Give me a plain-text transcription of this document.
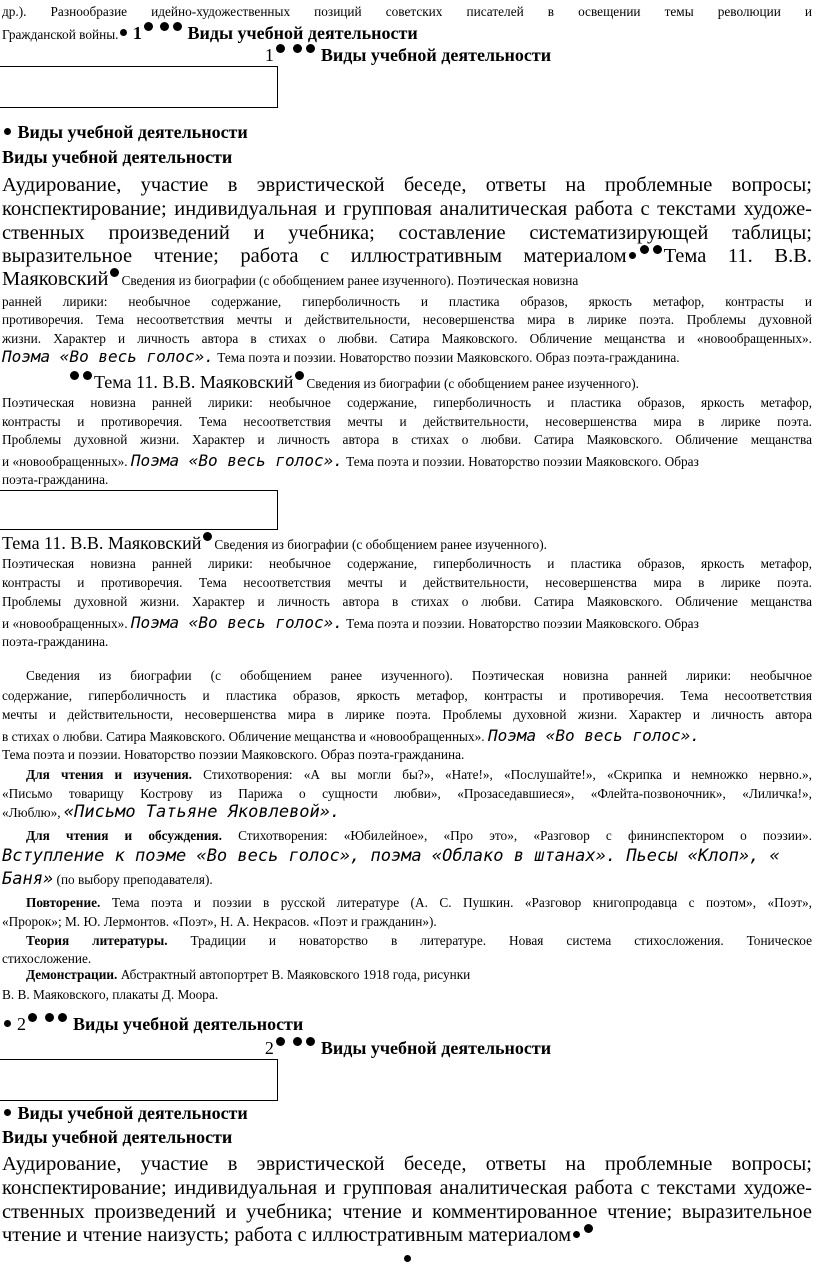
др.). Разнообразие идейно-художественных позиций советских писателей в освещении темы революции и
Гражданской войны. 1	Виды учебной деятельности
1	Виды учебной деятельности
Виды учебной деятельности
Виды учебной деятельности
Аудирование, участие в эвристической беседе, ответы на проблемные вопросы;
конспектирование; индивидуальная и групповая аналитическая работа с текстами художе-
ственных произведений и учебника; составление систематизирующей таблицы;
выразительное чтение; работа с иллюстративным материалом Тема 11. В.В.
Маяковский Сведения из биографии (с обобщением ранее изученного). Поэтическая новизна
ранней лирики: необычное содержание, гиперболичность и пластика образов, яркость метафор, контрасты и
противоречия. Тема несоответствия мечты и действительности, несовершенства мира в лирике поэта. Проблемы духовной
жизни. Характер и личность автора в стихах о любви. Сатира Маяковского. Обличение мещанства и «новообращенных».
Поэма «Во весь голос». Тема поэта и поэзии. Новаторство поэзии Маяковского. Образ поэта-гражданина.
Тема 11. В.В. Маяковский Сведения из биографии (с обобщением ранее изученного).
Поэтическая новизна ранней лирики: необычное содержание, гиперболичность и пластика образов, яркость метафор,
контрасты и противоречия. Тема несоответствия мечты и действительности, несовершенства мира в лирике поэта.
Проблемы духовной жизни. Характер и личность автора в стихах о любви. Сатира Маяковского. Обличение мещанства
и «новообращенных». Поэма «Во весь голос». Тема поэта и поэзии. Новаторство поэзии Маяковского. Образ
поэта-гражданина.
Тема 11. В.В. Маяковский Сведения из биографии (с обобщением ранее изученного).
Поэтическая новизна ранней лирики: необычное содержание, гиперболичность и пластика образов, яркость метафор,
контрасты и противоречия. Тема несоответствия мечты и действительности, несовершенства мира в лирике поэта.
Проблемы духовной жизни. Характер и личность автора в стихах о любви. Сатира Маяковского. Обличение мещанства
и «новообращенных». Поэма «Во весь голос». Тема поэта и поэзии. Новаторство поэзии Маяковского. Образ
поэта-гражданина.
Сведения из биографии (с обобщением ранее изученного). Поэтическая новизна ранней лирики: необычное
содержание, гиперболичность и пластика образов, яркость метафор, контрасты и противоречия. Тема несоответствия
мечты и действительности, несовершенства мира в лирике поэта. Проблемы духовной жизни. Характер и личность автора
в стихах о любви. Сатира Маяковского. Обличение мещанства и «новообращенных». Поэма «Во весь голос».
Тема поэта и поэзии. Новаторство поэзии Маяковского. Образ поэта-гражданина.
Для чтения и изучения. Стихотворения: «А вы могли бы?», «Нате!», «Послушайте!», «Скрипка и немножко нервно.»,
«Письмо товарищу Кострову из Парижа о сущности любви», «Прозаседавшиеся», «Флейта-позвоночник», «Лиличка!»,
«Люблю», «Письмо Татьяне Яковлевой».
Для чтения и обсуждения. Стихотворения: «Юбилейное», «Про это», «Разговор с фининспектором о поэзии».
Вступление к поэме «Во весь голос», поэма «Облако в штанах». Пьесы «Клоп», «
Баня» (по выбору преподавателя).
Повторение. Тема поэта и поэзии в русской литературе (А. С. Пушкин. «Разговор книгопродавца с поэтом», «Поэт»,
«Пророк»; М. Ю. Лермонтов. «Поэт», Н. А. Некрасов. «Поэт и гражданин»).
Теория литературы. Традиции и новаторство в литературе. Новая система стихосложения. Тоническое
стихосложение.
Демонстрации. Абстрактный автопортрет В. Маяковского 1918 года, рисунки
В. В. Маяковского, плакаты Д. Моора.
2	Виды учебной деятельности
2	Виды учебной деятельности
Виды учебной деятельности
Виды учебной деятельности
Аудирование, участие в эвристической беседе, ответы на проблемные вопросы;
конспектирование; индивидуальная и групповая аналитическая работа с текстами художе-
ственных произведений и учебника; чтение и комментированное чтение; выразительное
чтение и чтение наизусть; работа с иллюстративным материалом
